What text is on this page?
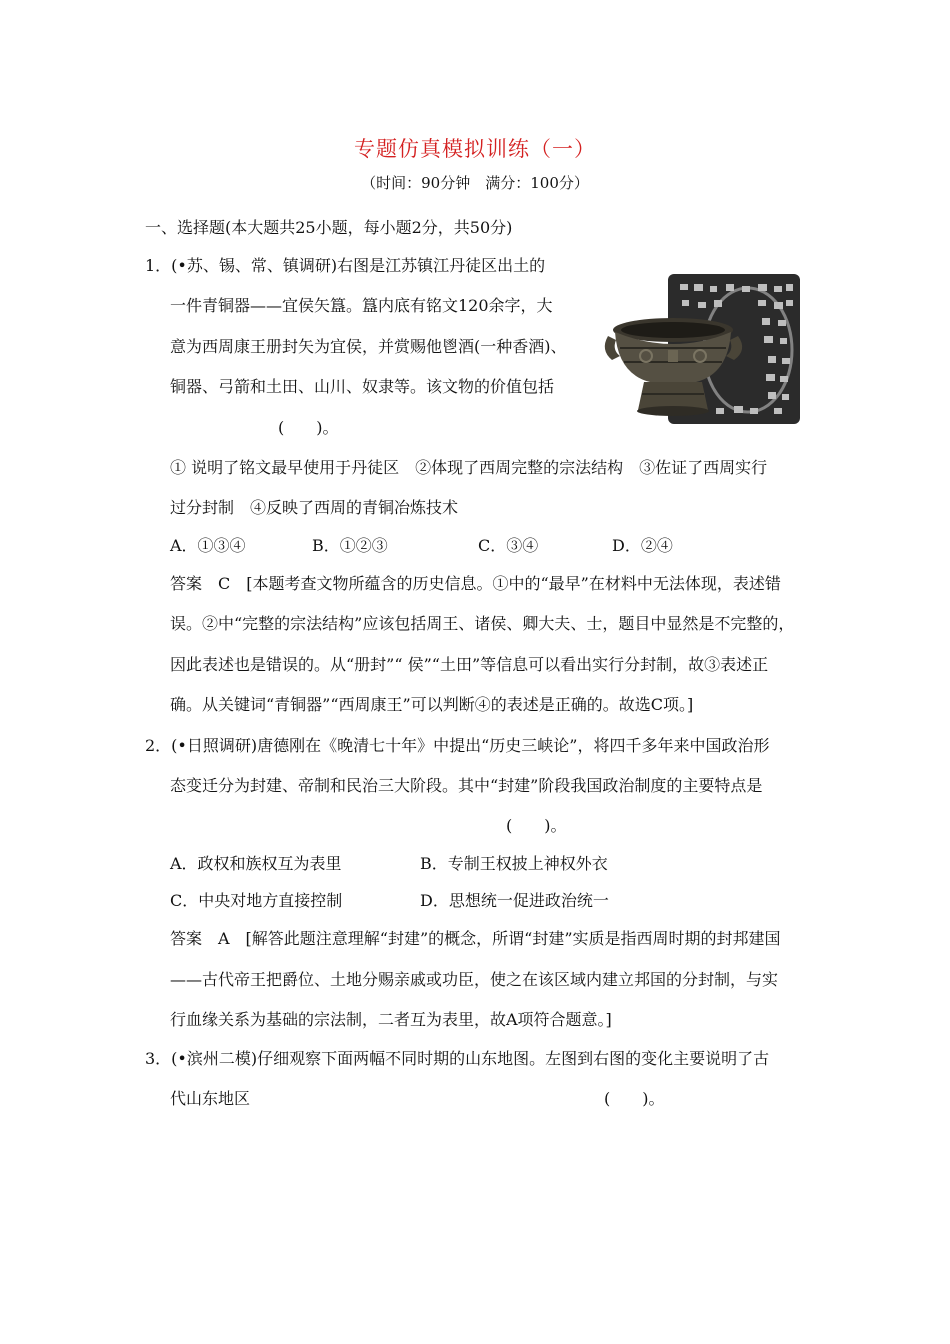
专题仿真模拟训练（一）
（时间：90分钟　满分：100分）
一、选择题(本大题共25小题，每小题2分，共50分)
1．(•苏、锡、常、镇调研)右图是江苏镇江丹徒区出土的
一件青铜器——宜侯矢簋。簋内底有铭文120余字，大
意为西周康王册封矢为宜侯，并赏赐他鬯酒(一种香酒)、
铜器、弓箭和土田、山川、奴隶等。该文物的价值包括
(　　)。
① 说明了铭文最早使用于丹徒区　②体现了西周完整的宗法结构　③佐证了西周实行
过分封制　④反映了西周的青铜冶炼技术
A．①③④	B．①②③	C．③④	D．②④
答案　C　[本题考查文物所蕴含的历史信息。①中的“最早”在材料中无法体现，表述错
误。②中“完整的宗法结构”应该包括周王、诸侯、卿大夫、士，题目中显然是不完整的，
因此表述也是错误的。从“册封”“ 侯”“土田”等信息可以看出实行分封制，故③表述正
确。从关键词“青铜器”“西周康王”可以判断④的表述是正确的。故选C项。]
2．(•日照调研)唐德刚在《晚清七十年》中提出“历史三峡论”，将四千多年来中国政治形
态变迁分为封建、帝制和民治三大阶段。其中“封建”阶段我国政治制度的主要特点是
(　　)。
A．政权和族权互为表里	B．专制王权披上神权外衣
C．中央对地方直接控制	D．思想统一促进政治统一
答案　A　[解答此题注意理解“封建”的概念，所谓“封建”实质是指西周时期的封邦建国
——古代帝王把爵位、土地分赐亲戚或功臣，使之在该区域内建立邦国的分封制，与实
行血缘关系为基础的宗法制，二者互为表里，故A项符合题意。]
3．(•滨州二模)仔细观察下面两幅不同时期的山东地图。左图到右图的变化主要说明了古
代山东地区	(　　)。
